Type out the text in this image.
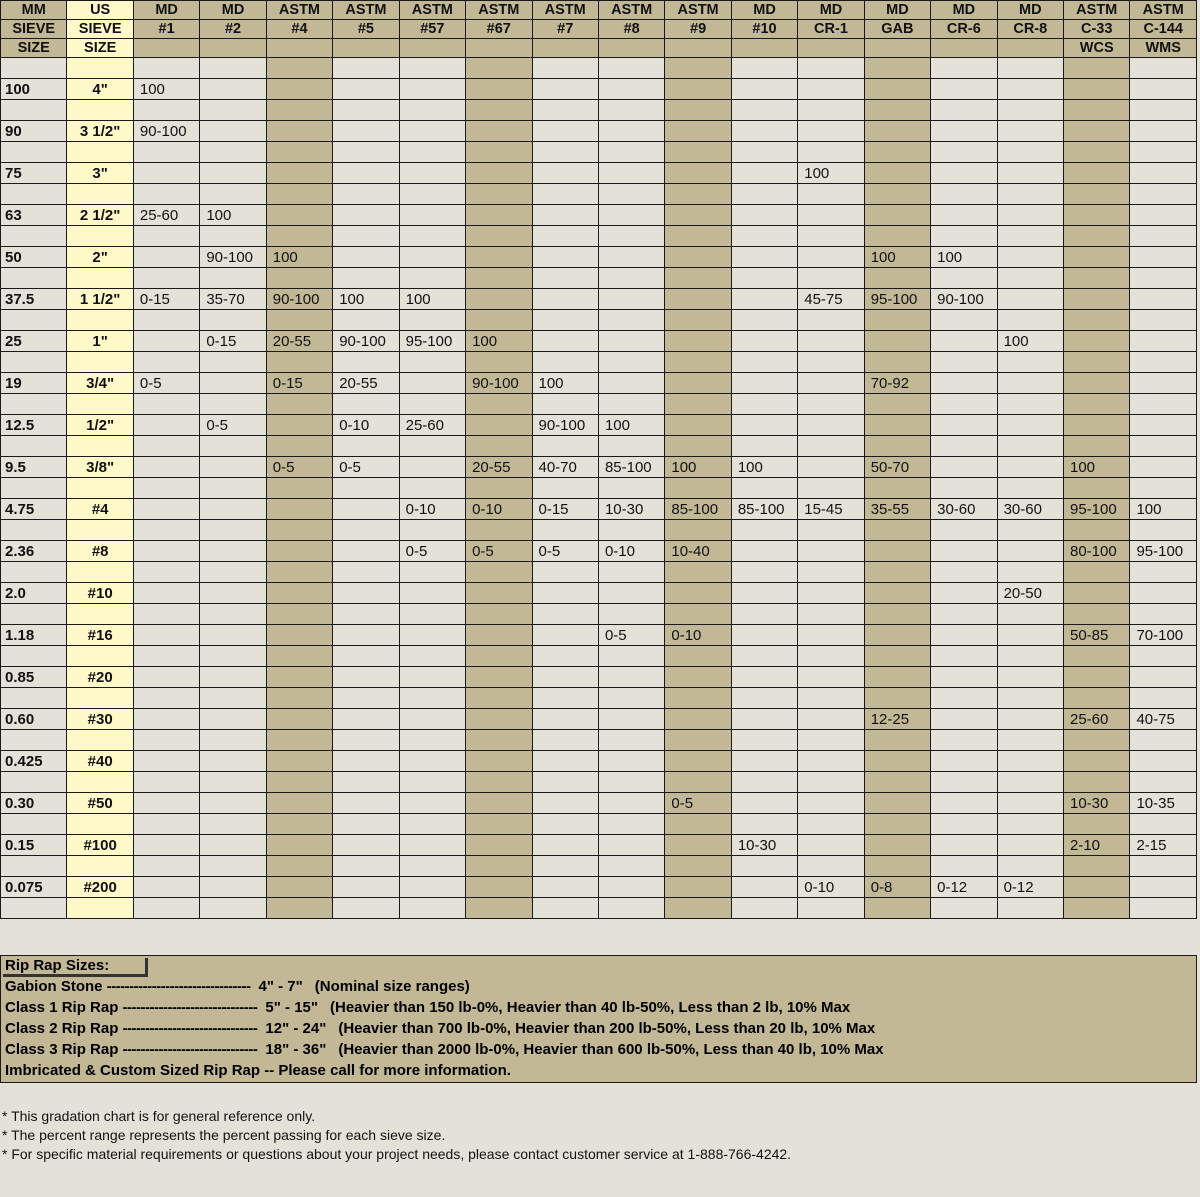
MM	US	MD	MD	ASTM	ASTM	ASTM	ASTM	ASTM	ASTM	ASTM	MD	MD	MD	MD	MD	ASTM	ASTM
SIEVE	SIEVE	#1	#2	#4	#5	#57	#67	#7	#8	#9	#10	CR-1	GAB	CR-6	CR-8	C-33	C-144
SIZE	SIZE															WCS	WMS

100	4"	100															

90	3 1/2"	90-100															

75	3"											100					

63	2 1/2"	25-60	100														

50	2"		90-100	100									100	100			

37.5	1 1/2"	0-15	35-70	90-100	100	100						45-75	95-100	90-100			

25	1"		0-15	20-55	90-100	95-100	100								100		

19	3/4"	0-5		0-15	20-55		90-100	100					70-92				

12.5	1/2"		0-5		0-10	25-60		90-100	100								

9.5	3/8"			0-5	0-5		20-55	40-70	85-100	100	100		50-70			100	

4.75	#4					0-10	0-10	0-15	10-30	85-100	85-100	15-45	35-55	30-60	30-60	95-100	100

2.36	#8					0-5	0-5	0-5	0-10	10-40						80-100	95-100

2.0	#10														20-50		

1.18	#16								0-5	0-10						50-85	70-100

0.85	#20																

0.60	#30												12-25			25-60	40-75

0.425	#40																

0.30	#50									0-5						10-30	10-35

0.15	#100										10-30					2-10	2-15

0.075	#200											0-10	0-8	0-12	0-12		

Rip Rap Sizes:
Gabion Stone -------------------------------- 4" - 7" (Nominal size ranges)
Class 1 Rip Rap ------------------------------ 5" - 15" (Heavier than 150 lb-0%, Heavier than 40 lb-50%, Less than 2 lb, 10% Max
Class 2 Rip Rap ------------------------------ 12" - 24" (Heavier than 700 lb-0%, Heavier than 200 lb-50%, Less than 20 lb, 10% Max
Class 3 Rip Rap ------------------------------ 18" - 36" (Heavier than 2000 lb-0%, Heavier than 600 lb-50%, Less than 40 lb, 10% Max
Imbricated & Custom Sized Rip Rap -- Please call for more information.
* This gradation chart is for general reference only.
* The percent range represents the percent passing for each sieve size.
* For specific material requirements or questions about your project needs, please contact customer service at 1-888-766-4242.
